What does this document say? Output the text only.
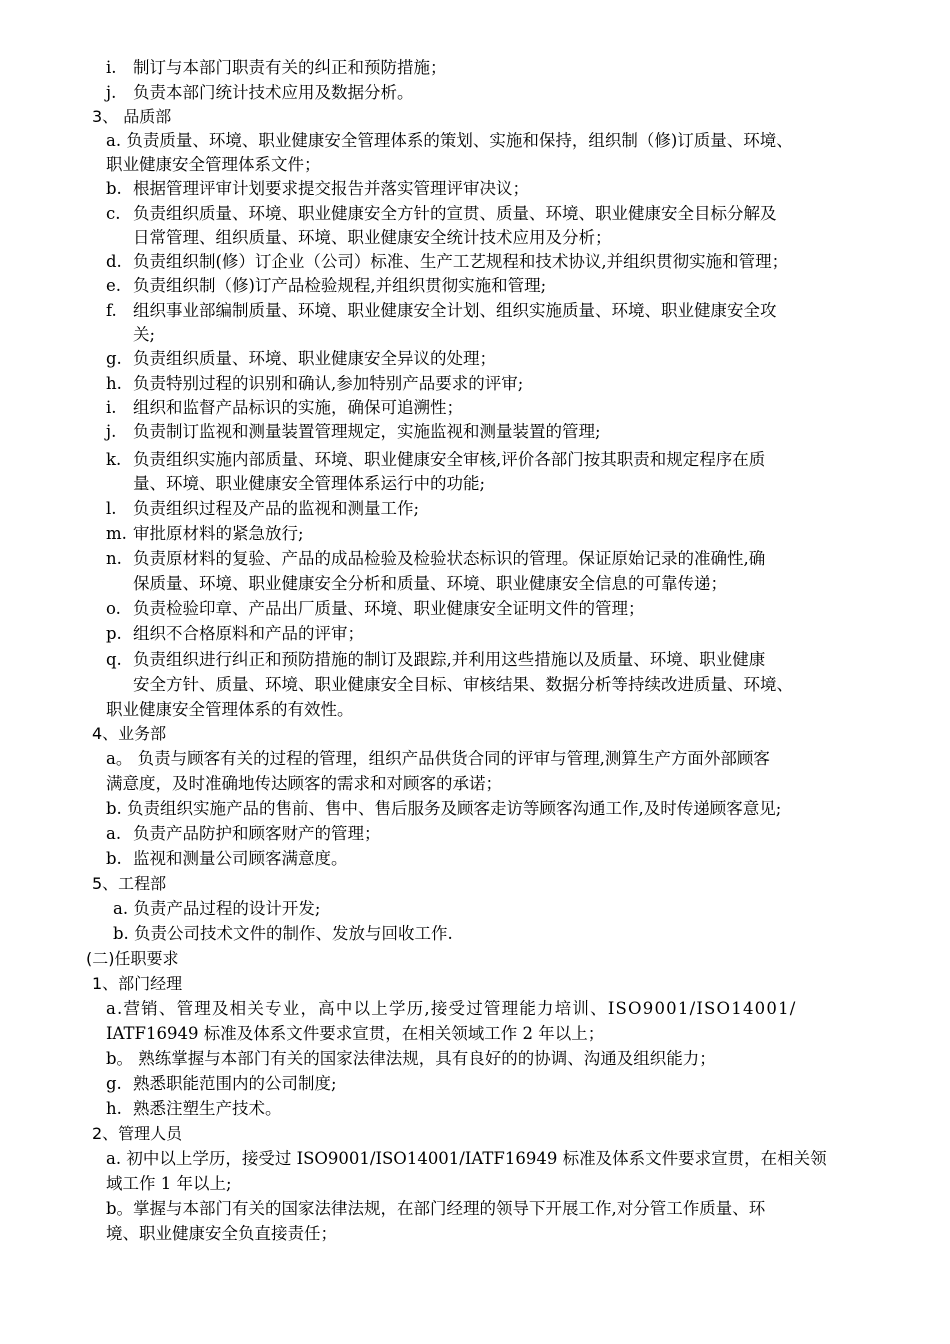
i. 制订与本部门职责有关的纠正和预防措施；
j. 负责本部门统计技术应用及数据分析。
3、 品质部
a. 负责质量、环境、职业健康安全管理体系的策划、实施和保持，组织制（修)订质量、环境、
职业健康安全管理体系文件；
b. 根据管理评审计划要求提交报告并落实管理评审决议；
c. 负责组织质量、环境、职业健康安全方针的宣贯、质量、环境、职业健康安全目标分解及
日常管理、组织质量、环境、职业健康安全统计技术应用及分析；
d. 负责组织制(修）订企业（公司）标准、生产工艺规程和技术协议,并组织贯彻实施和管理；
e. 负责组织制（修)订产品检验规程,并组织贯彻实施和管理;
f. 组织事业部编制质量、环境、职业健康安全计划、组织实施质量、环境、职业健康安全攻
关;
g. 负责组织质量、环境、职业健康安全异议的处理；
h. 负责特别过程的识别和确认,参加特别产品要求的评审;
i. 组织和监督产品标识的实施，确保可追溯性；
j. 负责制订监视和测量装置管理规定，实施监视和测量装置的管理;
k. 负责组织实施内部质量、环境、职业健康安全审核,评价各部门按其职责和规定程序在质
量、环境、职业健康安全管理体系运行中的功能;
l. 负责组织过程及产品的监视和测量工作;
m. 审批原材料的紧急放行;
n. 负责原材料的复验、产品的成品检验及检验状态标识的管理。保证原始记录的准确性,确
保质量、环境、职业健康安全分析和质量、环境、职业健康安全信息的可靠传递；
o. 负责检验印章、产品出厂质量、环境、职业健康安全证明文件的管理；
p. 组织不合格原料和产品的评审；
q. 负责组织进行纠正和预防措施的制订及跟踪,并利用这些措施以及质量、环境、职业健康
安全方针、质量、环境、职业健康安全目标、审核结果、数据分析等持续改进质量、环境、
职业健康安全管理体系的有效性。
4、业务部
a。 负责与顾客有关的过程的管理，组织产品供货合同的评审与管理,测算生产方面外部顾客
满意度，及时准确地传达顾客的需求和对顾客的承诺；
b. 负责组织实施产品的售前、售中、售后服务及顾客走访等顾客沟通工作,及时传递顾客意见;
a. 负责产品防护和顾客财产的管理；
b. 监视和测量公司顾客满意度。
5、工程部
a. 负责产品过程的设计开发;
b. 负责公司技术文件的制作、发放与回收工作.
(二)任职要求
1、部门经理
a.营销、管理及相关专业，高中以上学历,接受过管理能力培训、ISO9001/ISO14001/
IATF16949 标准及体系文件要求宣贯，在相关领域工作 2 年以上；
b。 熟练掌握与本部门有关的国家法律法规，具有良好的的协调、沟通及组织能力；
g. 熟悉职能范围内的公司制度;
h. 熟悉注塑生产技术。
2、管理人员
a. 初中以上学历，接受过 ISO9001/ISO14001/IATF16949 标准及体系文件要求宣贯，在相关领
域工作 1 年以上;
b。掌握与本部门有关的国家法律法规，在部门经理的领导下开展工作,对分管工作质量、环
境、职业健康安全负直接责任；
